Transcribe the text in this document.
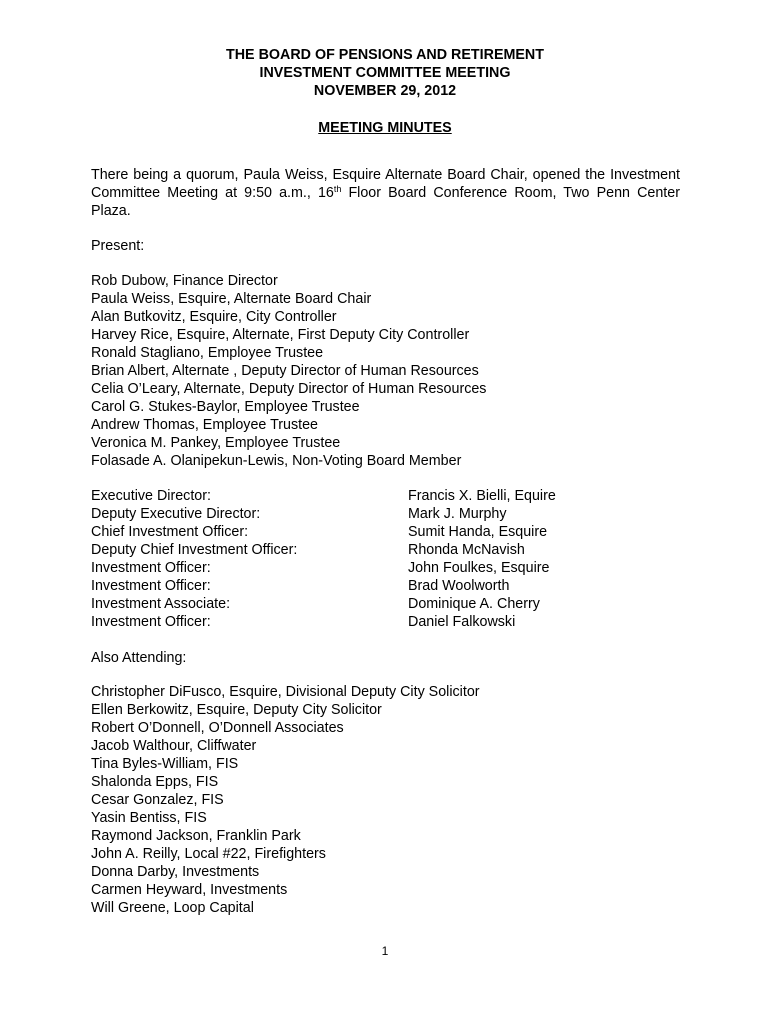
THE BOARD OF PENSIONS AND RETIREMENT
INVESTMENT COMMITTEE MEETING
NOVEMBER 29, 2012
MEETING MINUTES
There being a quorum, Paula Weiss, Esquire Alternate Board Chair, opened the Investment Committee Meeting at 9:50 a.m., 16th Floor Board Conference Room, Two Penn Center Plaza.
Present:
Rob Dubow, Finance Director
Paula Weiss, Esquire, Alternate Board Chair
Alan Butkovitz, Esquire, City Controller
Harvey Rice, Esquire, Alternate, First Deputy City Controller
Ronald Stagliano, Employee Trustee
Brian Albert, Alternate , Deputy Director of Human Resources
Celia O’Leary, Alternate, Deputy Director of Human Resources
Carol G. Stukes-Baylor, Employee Trustee
Andrew Thomas, Employee Trustee
Veronica M. Pankey, Employee Trustee
Folasade A. Olanipekun-Lewis, Non-Voting Board Member
Executive Director:	Francis X. Bielli, Equire
Deputy Executive Director:	Mark J. Murphy
Chief Investment Officer:	Sumit Handa, Esquire
Deputy Chief Investment Officer:	Rhonda McNavish
Investment Officer:	John Foulkes, Esquire
Investment Officer:	Brad Woolworth
Investment Associate:	Dominique A. Cherry
Investment Officer:	Daniel Falkowski
Also Attending:
Christopher DiFusco, Esquire, Divisional Deputy City Solicitor
Ellen Berkowitz, Esquire, Deputy City Solicitor
Robert O’Donnell, O’Donnell Associates
Jacob Walthour, Cliffwater
Tina Byles-William, FIS
Shalonda Epps, FIS
Cesar Gonzalez, FIS
Yasin Bentiss, FIS
Raymond Jackson, Franklin Park
John A. Reilly, Local #22, Firefighters
Donna Darby, Investments
Carmen Heyward, Investments
Will Greene, Loop Capital
1
